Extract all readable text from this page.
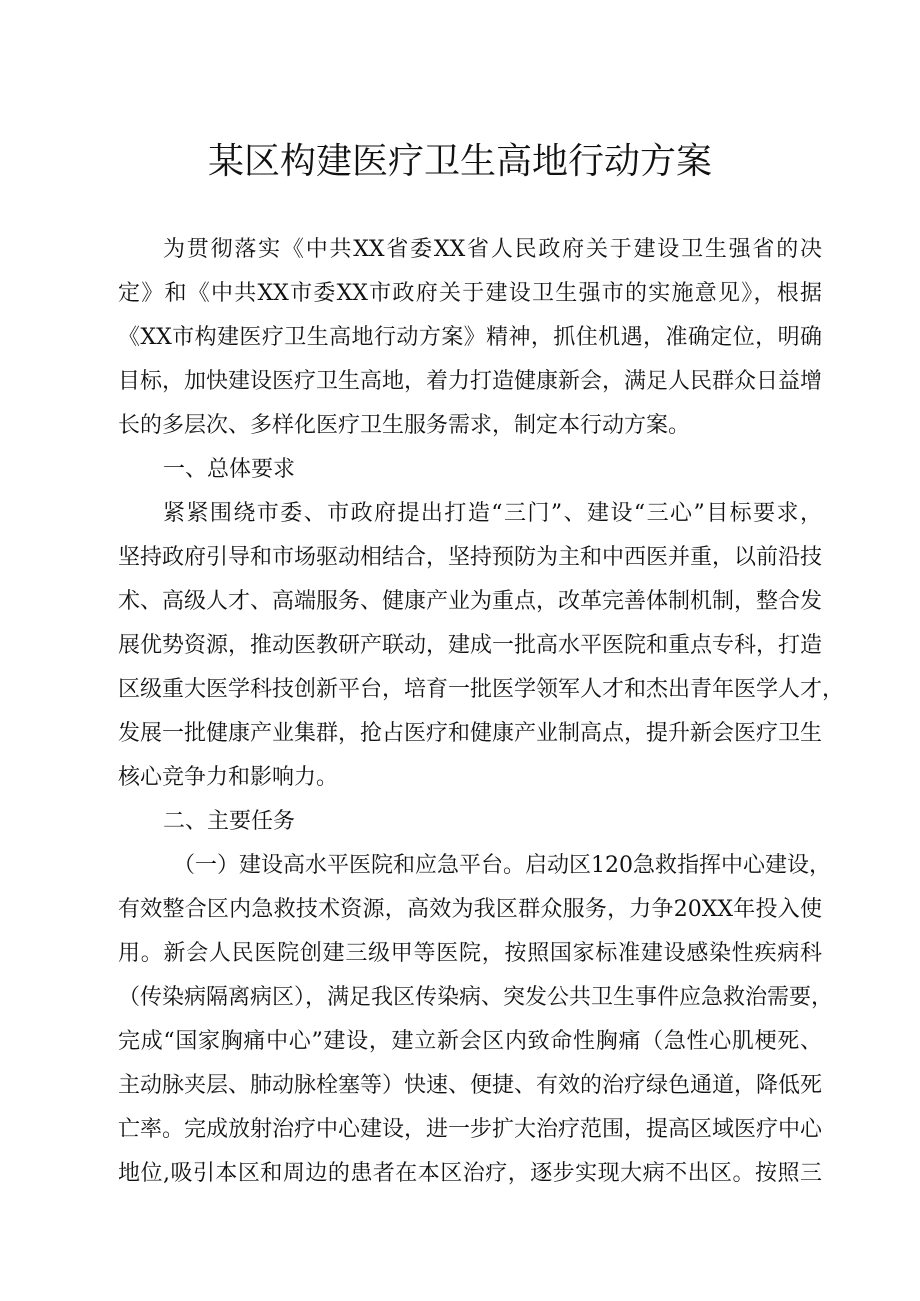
某区构建医疗卫生高地行动方案

为贯彻落实《中共XX省委XX省人民政府关于建设卫生强省的决

定》和《中共XX市委XX市政府关于建设卫生强市的实施意见》，根据

《XX市构建医疗卫生高地行动方案》精神，抓住机遇，准确定位，明确

目标，加快建设医疗卫生高地，着力打造健康新会，满足人民群众日益增

长的多层次、多样化医疗卫生服务需求，制定本行动方案。

一、总体要求

紧紧围绕市委、市政府提出打造“三门”、建设“三心”目标要求，

坚持政府引导和市场驱动相结合，坚持预防为主和中西医并重，以前沿技

术、高级人才、高端服务、健康产业为重点，改革完善体制机制，整合发

展优势资源，推动医教研产联动，建成一批高水平医院和重点专科，打造

区级重大医学科技创新平台，培育一批医学领军人才和杰出青年医学人才，

发展一批健康产业集群，抢占医疗和健康产业制高点，提升新会医疗卫生

核心竞争力和影响力。

二、主要任务

（一）建设高水平医院和应急平台。启动区120急救指挥中心建设，

有效整合区内急救技术资源，高效为我区群众服务，力争20XX年投入使

用。新会人民医院创建三级甲等医院，按照国家标准建设感染性疾病科

（传染病隔离病区），满足我区传染病、突发公共卫生事件应急救治需要，

完成“国家胸痛中心”建设，建立新会区内致命性胸痛（急性心肌梗死、

主动脉夹层、肺动脉栓塞等）快速、便捷、有效的治疗绿色通道，降低死

亡率。完成放射治疗中心建设，进一步扩大治疗范围，提高区域医疗中心

地位,吸引本区和周边的患者在本区治疗，逐步实现大病不出区。按照三
